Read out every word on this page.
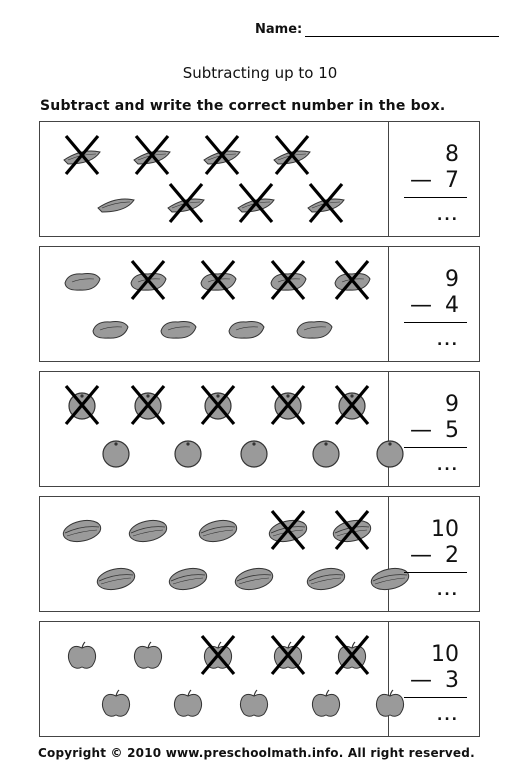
Name:
Subtracting up to 10
Subtract and write the correct number in the box.
8
— 7
...
9
— 4
...
9
— 5
...
10
— 2
...
10
— 3
...
Copyright © 2010 www.preschoolmath.info. All right reserved.
